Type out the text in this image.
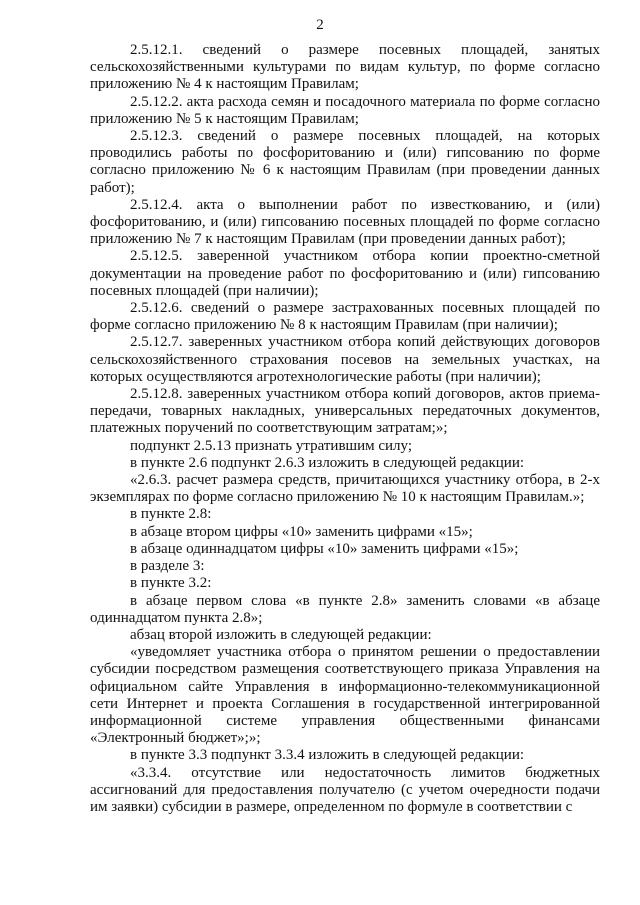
2

2.5.12.1. сведений о размере посевных площадей, занятых сельскохозяйственными культурами по видам культур, по форме согласно приложению № 4 к настоящим Правилам;

2.5.12.2. акта расхода семян и посадочного материала по форме согласно приложению № 5 к настоящим Правилам;

2.5.12.3. сведений о размере посевных площадей, на которых проводились работы по фосфоритованию и (или) гипсованию по форме согласно приложению № 6 к настоящим Правилам (при проведении данных работ);

2.5.12.4. акта о выполнении работ по известкованию, и (или) фосфоритованию, и (или) гипсованию посевных площадей по форме согласно приложению № 7 к настоящим Правилам (при проведении данных работ);

2.5.12.5. заверенной участником отбора копии проектно-сметной документации на проведение работ по фосфоритованию и (или) гипсованию посевных площадей (при наличии);

2.5.12.6. сведений о размере застрахованных посевных площадей по форме согласно приложению № 8 к настоящим Правилам (при наличии);

2.5.12.7. заверенных участником отбора копий действующих договоров сельскохозяйственного страхования посевов на земельных участках, на которых осуществляются агротехнологические работы (при наличии);

2.5.12.8. заверенных участником отбора копий договоров, актов приема-передачи, товарных накладных, универсальных передаточных документов, платежных поручений по соответствующим затратам;»;

подпункт 2.5.13 признать утратившим силу;

в пункте 2.6 подпункт 2.6.3 изложить в следующей редакции:

«2.6.3. расчет размера средств, причитающихся участнику отбора, в 2-х экземплярах по форме согласно приложению № 10 к настоящим Правилам.»;

в пункте 2.8:

в абзаце втором цифры «10» заменить цифрами «15»;

в абзаце одиннадцатом цифры «10» заменить цифрами «15»;

в разделе 3:

в пункте 3.2:

в абзаце первом слова «в пункте 2.8» заменить словами «в абзаце одиннадцатом пункта 2.8»;

абзац второй изложить в следующей редакции:

«уведомляет участника отбора о принятом решении о предоставлении субсидии посредством размещения соответствующего приказа Управления на официальном сайте Управления в информационно-телекоммуникационной сети Интернет и проекта Соглашения в государственной интегрированной информационной системе управления общественными финансами «Электронный бюджет»;»;

в пункте 3.3 подпункт 3.3.4 изложить в следующей редакции:

«3.3.4. отсутствие или недостаточность лимитов бюджетных ассигнований для предоставления получателю (с учетом очередности подачи им заявки) субсидии в размере, определенном по формуле в соответствии с
